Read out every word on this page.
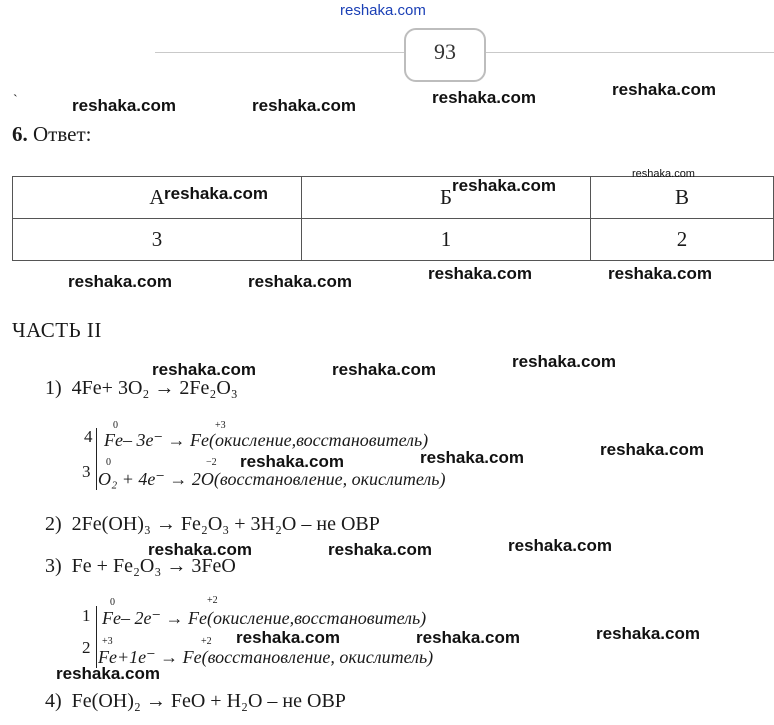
reshaka.com
93
`
6. Ответ:
А	Б	В
3	1	2
ЧАСТЬ II
1) 4Fe+ 3O₂ → 2Fe₂O₃
4
3
0	+3
Fe– 3e⁻ → Fe(окисление,восстановитель)
0	−2
O₂ + 4e⁻ → 2O(восстановление, окислитель)
2) 2Fe(OH)₃ → Fe₂O₃ + 3H₂O – не ОВР
3) Fe + Fe₂O₃ → 3FeO
1
2
0	+2
Fe– 2e⁻ → Fe(окисление,восстановитель)
+3	+2
Fe+1e⁻ → Fe(восстановление, окислитель)
4) Fe(OH)₂ → FeO + H₂O – не ОВР
reshaka.com	reshaka.com	reshaka.com	reshaka.com
reshaka.com	reshaka.com
reshaka.com
reshaka.com	reshaka.com	reshaka.com	reshaka.com
reshaka.com	reshaka.com	reshaka.com
reshaka.com	reshaka.com	reshaka.com
reshaka.com	reshaka.com	reshaka.com
reshaka.com	reshaka.com	reshaka.com
reshaka.com
